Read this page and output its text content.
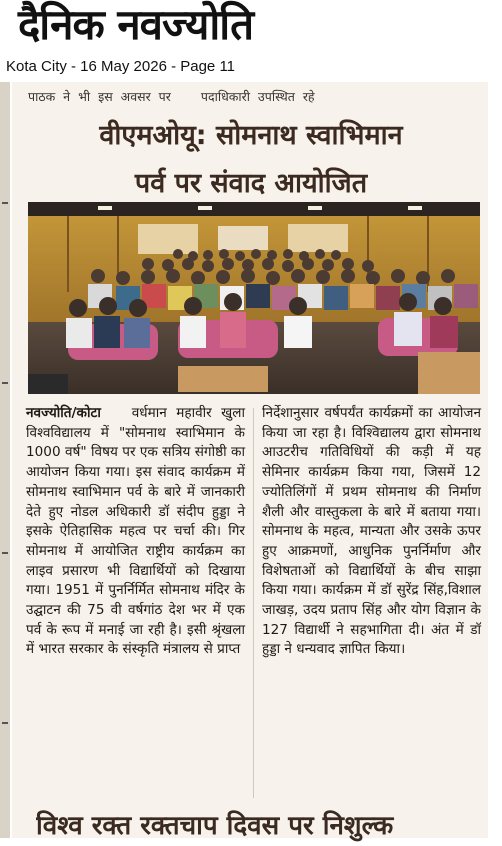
दैनिक नवज्योति
Kota City - 16 May 2026 - Page 11
पाठक ने भी इस अवसर पर पदाधिकारी उपस्थित रहे
वीएमओयू: सोमनाथ स्वाभिमान
पर्व पर संवाद आयोजित
नवज्योति/कोटा वर्धमान महावीर खुला विश्वविद्यालय में "सोमनाथ स्वाभिमान के 1000 वर्ष" विषय पर एक सत्रिय संगोष्ठी का आयोजन किया गया। इस संवाद कार्यक्रम में सोमनाथ स्वाभिमान पर्व के बारे में जानकारी देते हुए नोडल अधिकारी डॉ संदीप हुड्डा ने इसके ऐतिहासिक महत्व पर चर्चा की। गिर सोमनाथ में आयोजित राष्ट्रीय कार्यक्रम का लाइव प्रसारण भी विद्यार्थियों को दिखाया गया। 1951 में पुनर्निर्मित सोमनाथ मंदिर के उद्घाटन की 75 वी वर्षगांठ देश भर में एक पर्व के रूप में मनाई जा रही है। इसी श्रृंखला में भारत सरकार के संस्कृति मंत्रालय से प्राप्त
निर्देशानुसार वर्षपर्यंत कार्यक्रमों का आयोजन किया जा रहा है। विश्विद्यालय द्वारा सोमनाथ आउटरीच गतिविधियों की कड़ी में यह सेमिनार कार्यक्रम किया गया, जिसमें 12 ज्योतिलिंगों में प्रथम सोमनाथ की निर्माण शैली और वास्तुकला के बारे में बताया गया। सोमनाथ के महत्व, मान्यता और उसके ऊपर हुए आक्रमणों, आधुनिक पुनर्निर्माण और विशेषताओं को विद्यार्थियों के बीच साझा किया गया। कार्यक्रम में डॉ सुरेंद्र सिंह,विशाल जाखड़, उदय प्रताप सिंह और योग विज्ञान के 127 विद्यार्थी ने सहभागिता दी। अंत में डॉ हुड्डा ने धन्यवाद ज्ञापित किया।
विश्व रक्त रक्तचाप दिवस पर निशुल्क
